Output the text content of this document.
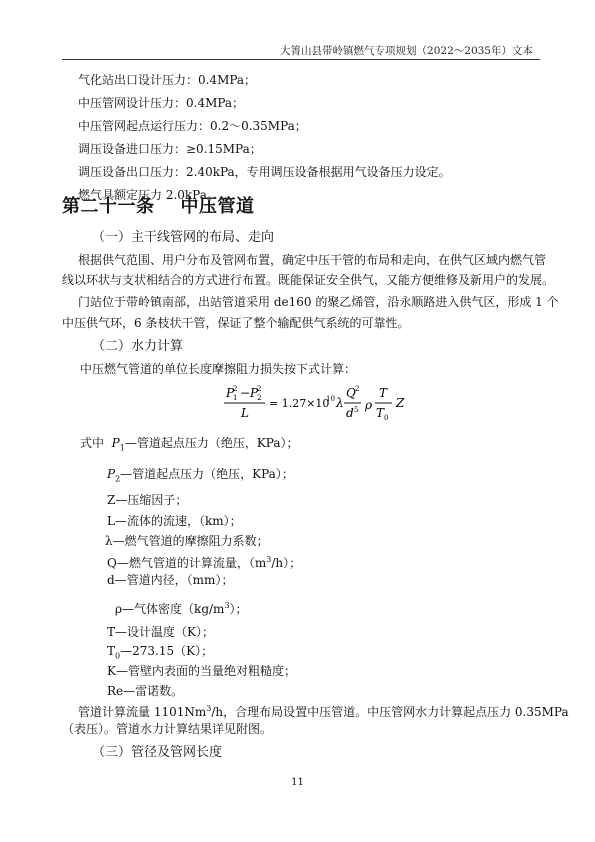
大箐山县带岭镇燃气专项规划（2022～2035年）文本
气化站出口设计压力：0.4MPa；
中压管网设计压力：0.4MPa；
中压管网起点运行压力：0.2～0.35MPa；
调压设备进口压力：≥0.15MPa；
调压设备出口压力：2.40kPa，专用调压设备根据用气设备压力设定。
燃气具额定压力 2.0kPa。
第二十一条 中压管道
（一）主干线管网的布局、走向
根据供气范围、用户分布及管网布置，确定中压干管的布局和走向，在供气区域内燃气管
线以环状与支状相结合的方式进行布置。既能保证安全供气，又能方便维修及新用户的发展。
门站位于带岭镇南部，出站管道采用 de160 的聚乙烯管，沿永顺路进入供气区，形成 1 个
中压供气环，6 条枝状干管，保证了整个输配供气系统的可靠性。
（二）水力计算
中压燃气管道的单位长度摩擦阻力损失按下式计算：
P
1
2 − P
2
2
L
= 1.27×10
10 λ
Q 2
d 5 ρ
T
T 0
Z
式中 $P_1—$管道起点压力（绝压，KPa）；
$P_2—$管道起点压力（绝压，KPa）；
Z—压缩因子；
L—流体的流速，（km）；
λ—燃气管道的摩擦阻力系数；
Q—燃气管道的计算流量，$(m^3/h)$；
d—管道内径，（mm）；
ρ—气体密度$(kg/m^3)$；
T—设计温度（K）；
$T_0—273.15(K)$；
K—管壁内表面的当量绝对粗糙度；
Re—雷诺数。
管道计算流量 1101Nm$^3$/h，合理布局设置中压管道。中压管网水力计算起点压力 0.35MPa
（表压）。管道水力计算结果详见附图。
（三）管径及管网长度
11
